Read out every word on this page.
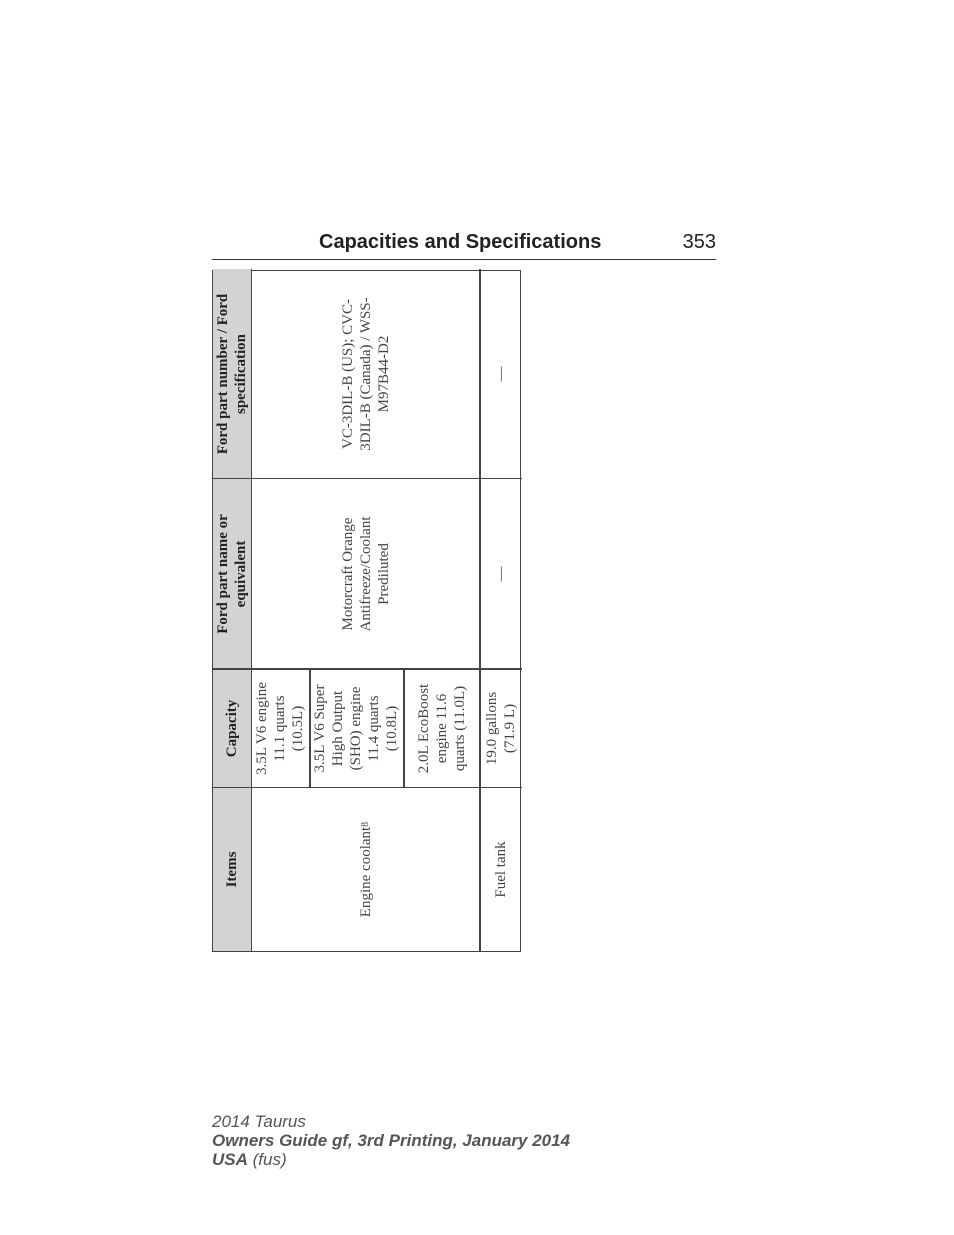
Capacities and Specifications	353
Items
Capacity
Ford part name or equivalent
Ford part number / Ford specification
Engine coolant
8
3.5L V6 engine 11.1 quarts (10.5L) 3.5L V6 Super High Output (SHO) engine 11.4 quarts (10.8L)	2.0L EcoBoost engine 11.6 quarts (11.0L)
Motorcraft Orange Antifreeze/Coolant Prediluted
VC-3DIL-B (US); CVC-3DIL-B (Canada) / WSS-M97B44-D2
Fuel tank
19.0 gallons (71.9 L)
—
—
2014 Taurus
Owners Guide gf, 3rd Printing, January 2014
USA (fus)
